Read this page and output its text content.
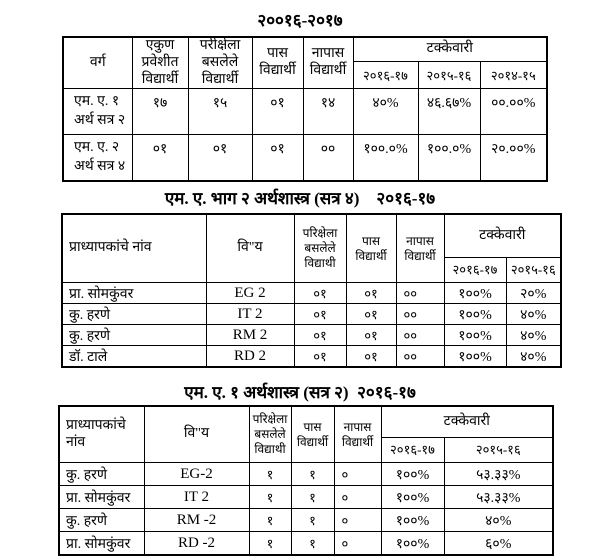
२००१६-२०१७
वर्ग	एकुण प्रवेशीत विद्यार्थी	परीक्षेला बसलेले विद्यार्थी	पास विद्यार्थी	नापास विद्यार्थी	टक्केवारी		
					२०१६-१७	२०१५-१६	२०१४-१५
एम. ए. १ अर्थ सत्र २	१७	१५	०१	१४	४०%	४६.६७%	००.००%
एम. ए. २ अर्थ सत्र ४	०१	०१	०१	००	१००.०%	१००.०%	२०.००%
एम. ए. भाग २ अर्थशास्त्र (सत्र ४)    २०१६-१७
प्राध्यापकांचे नांव	वि"य	परिक्षेला बसलेले विद्याथी	पास विद्यार्थी	नापास विद्यार्थी	टक्केवारी	
					२०१६-१७	२०१५-१६
प्रा. सोमकुंवर	EG 2	०१	०१	००	१००%	२०%
कु. हरणे	IT 2	०१	०१	००	१००%	४०%
कु. हरणे	RM 2	०१	०१	००	१००%	४०%
डॉ. टाले	RD 2	०१	०१	००	१००%	४०%
एम. ए. १ अर्थशास्त्र (सत्र २)  २०१६-१७
प्राध्यापकांचे नांव	वि"य	परिक्षेला बसलेले विद्याथी	पास विद्यार्थी	नापास विद्यार्थी	टक्केवारी	
					२०१६-१७	२०१५-१६
कु. हरणे	EG-2	१	१	०	१००%	५३.३३%
प्रा. सोमकुंवर	IT 2	१	१	०	१००%	५३.३३%
कु. हरणे	RM -2	१	१	०	१००%	४०%
प्रा. सोमकुंवर	RD -2	१	१	०	१००%	६०%
